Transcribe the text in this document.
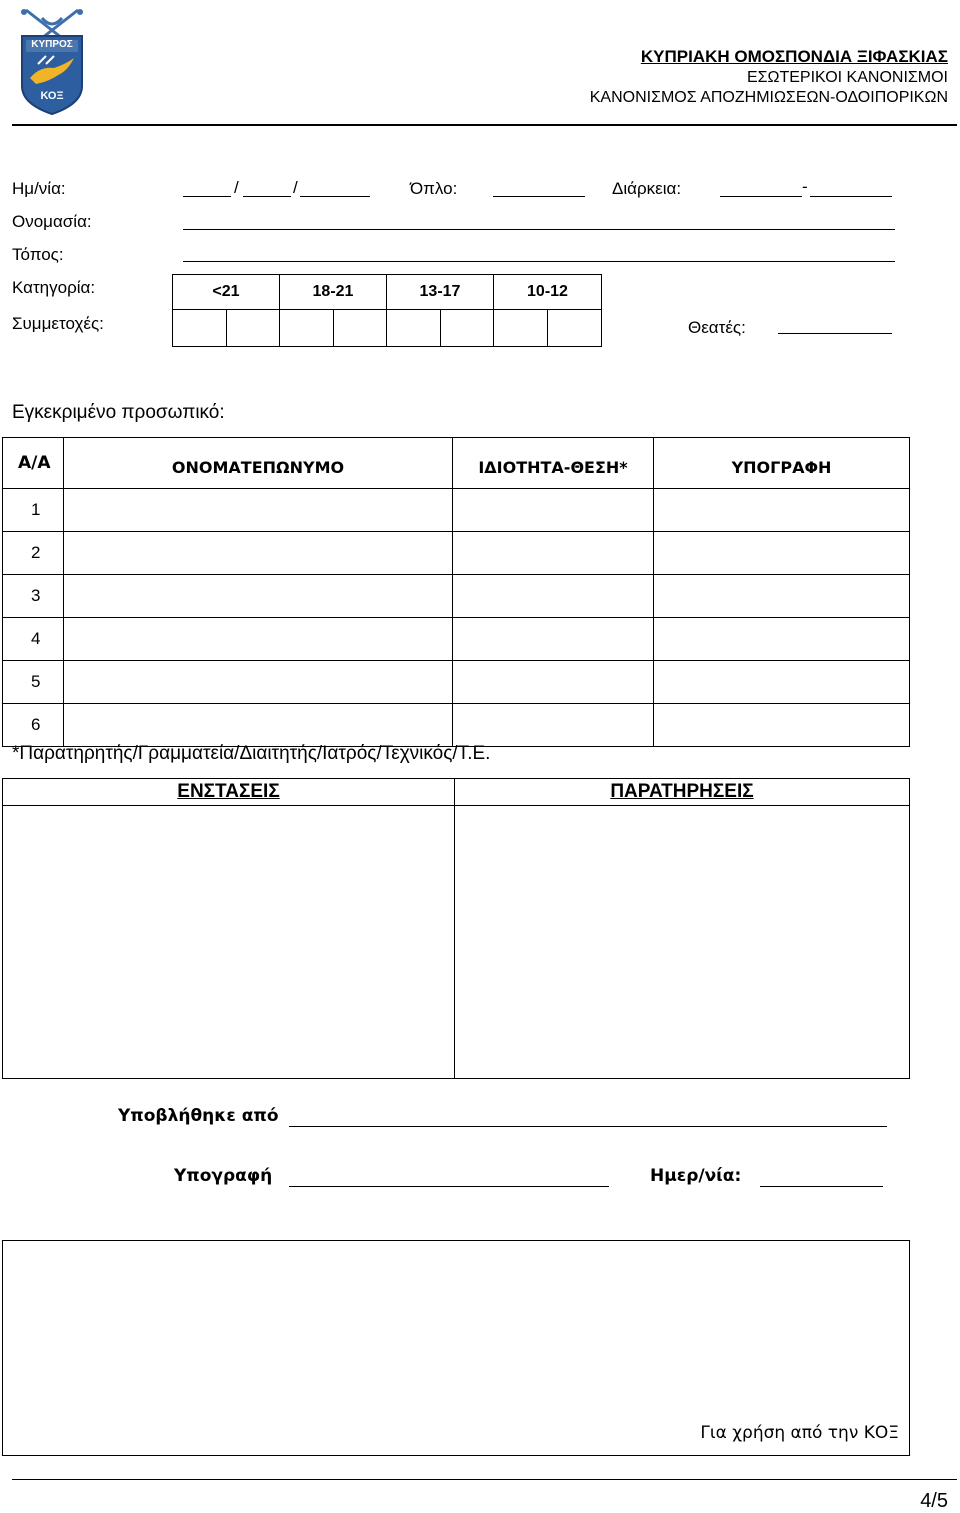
ΚΥΠΡΟΣ
ΚΟΞ
ΚΥΠΡΙΑΚΗ ΟΜΟΣΠΟΝΔΙΑ ΞΙΦΑΣΚΙΑΣ
ΕΣΩΤΕΡΙΚΟΙ ΚΑΝΟΝΙΣΜΟΙ
ΚΑΝΟΝΙΣΜΟΣ ΑΠΟΖΗΜΙΩΣΕΩΝ-ΟΔΟΙΠΟΡΙΚΩΝ
Ημ/νία:	/	/	Όπλο:	Διάρκεια:	-
Ονομασία:
Τόπος:
Κατηγορία:
Συμμετοχές:
<21	18-21	13-17	10-12
Θεατές:
Εγκεκριμένο προσωπικό:
Α/Α	ΟΝΟΜΑΤΕΠΩΝΥΜΟ	ΙΔΙΟΤΗΤΑ-ΘΕΣΗ*	ΥΠΟΓΡΑΦΗ
1			
2			
3			
4			
5			
6			
*Παρατηρητής/Γραμματεία/Διαιτητής/Ιατρός/Τεχνικός/Τ.Ε.
ΕΝΣΤΑΣΕΙΣ	ΠΑΡΑΤΗΡΗΣΕΙΣ

Υποβλήθηκε από
Υπογραφή	Ημερ/νία:
Για χρήση από την ΚΟΞ
4/5
